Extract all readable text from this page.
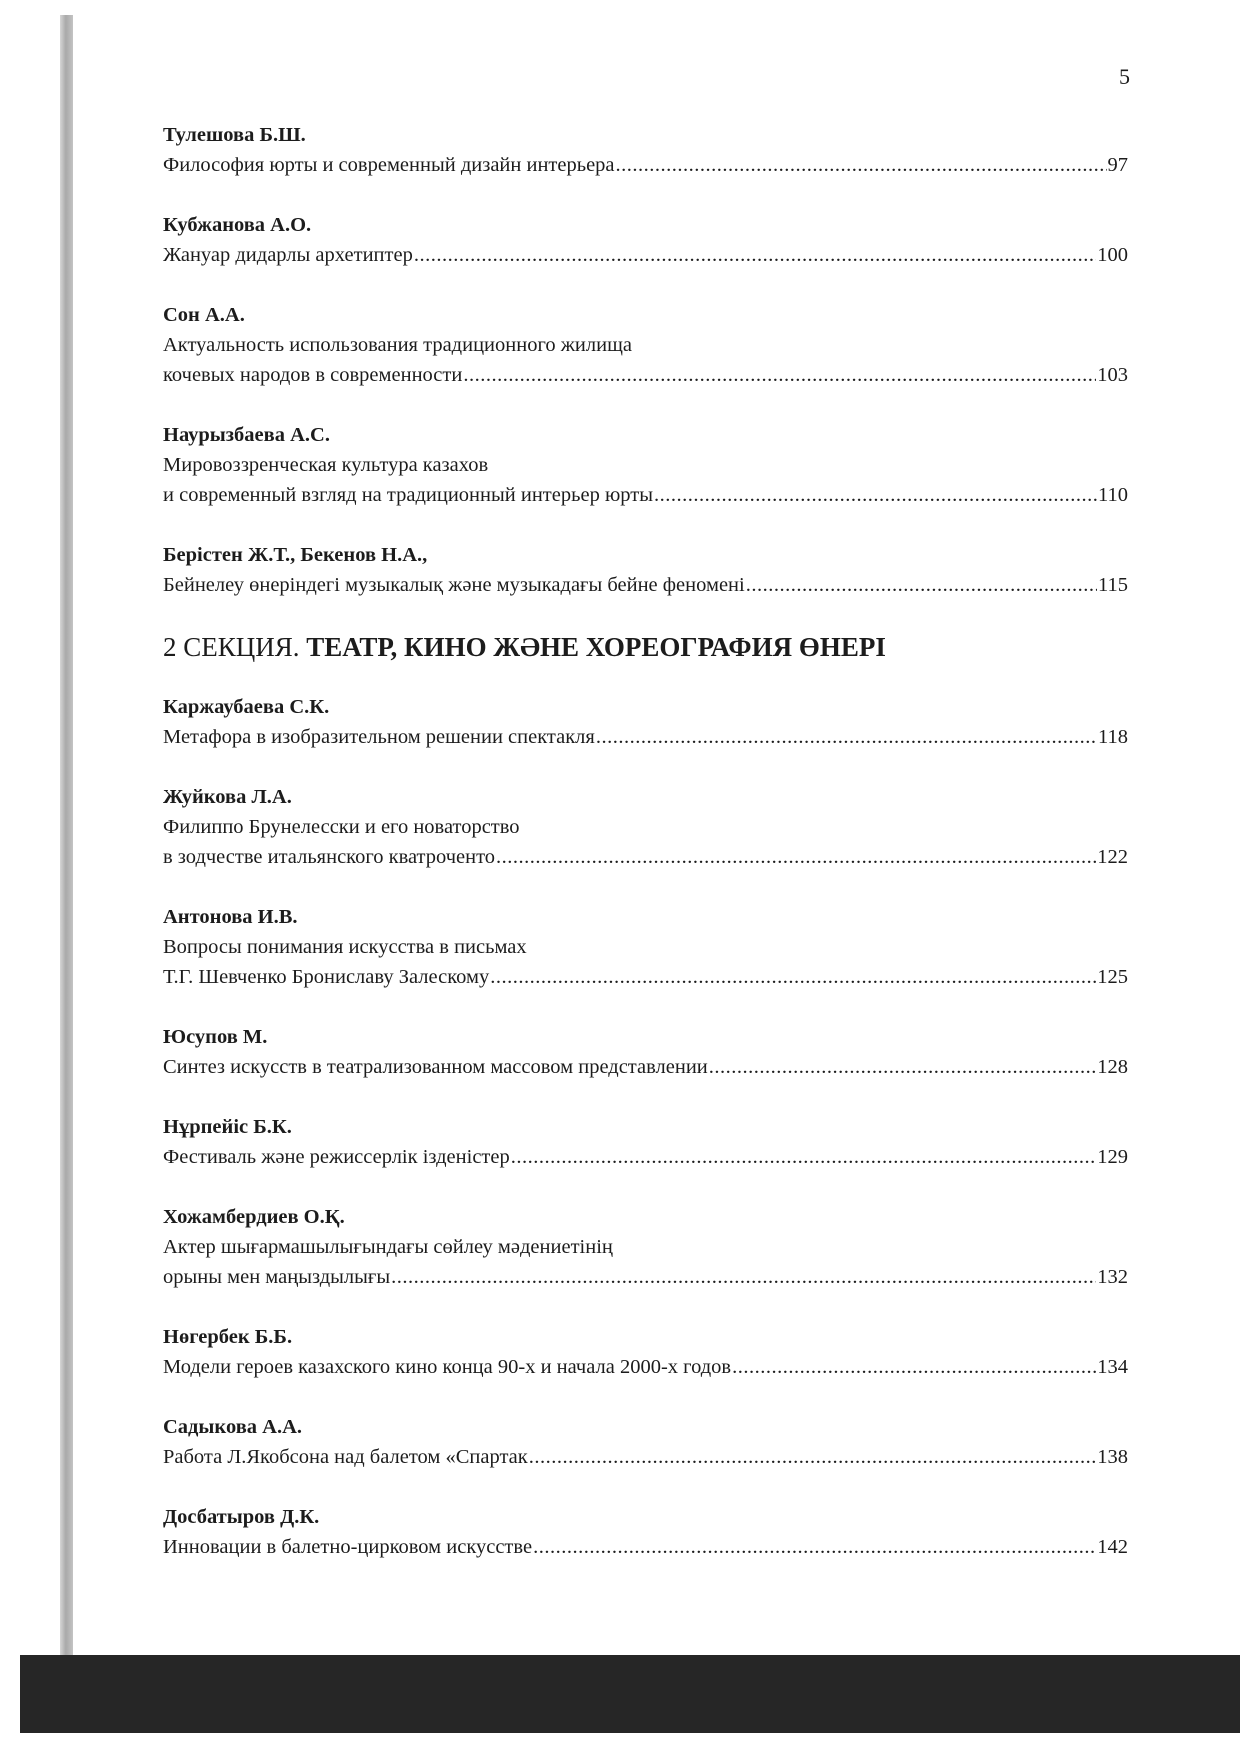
5
Тулешова Б.Ш.
Философия юрты и современный дизайн интерьера .....	97
Кубжанова А.О.
Жануар дидарлы архетиптер .....	100
Сон А.А.
Актуальность использования традиционного жилища
кочевых народов в современности .....	103
Наурызбаева А.С.
Мировоззренческая культура казахов
и современный взгляд на традиционный интерьер юрты .....	110
Берістен Ж.Т., Бекенов Н.А.,
Бейнелеу өнеріндегі музыкалық және музыкадағы бейне феномені .....	115
2 СЕКЦИЯ. ТЕАТР, КИНО ЖӘНЕ ХОРЕОГРАФИЯ ӨНЕРІ
Каржаубаева С.К.
Метафора в изобразительном решении спектакля .....	118
Жуйкова Л.А.
Филиппо Брунелесски и его новаторство
в зодчестве итальянского кватроченто .....	122
Антонова И.В.
Вопросы понимания искусства в письмах
Т.Г. Шевченко Брониславу Залескому .....	125
Юсупов М.
Синтез искусств в театрализованном массовом представлении .....	128
Нұрпейіс Б.К.
Фестиваль және режиссерлік ізденістер .....	129
Хожамбердиев О.Қ.
Актер шығармашылығындағы сөйлеу мәдениетінің
орыны мен маңыздылығы .....	132
Нөгербек Б.Б.
Модели героев казахского кино конца 90-х и начала 2000-х годов .....	134
Садыкова А.А.
Работа Л.Якобсона над балетом «Спартак .....	138
Досбатыров Д.К.
Инновации в балетно-цирковом искусстве .....	142
